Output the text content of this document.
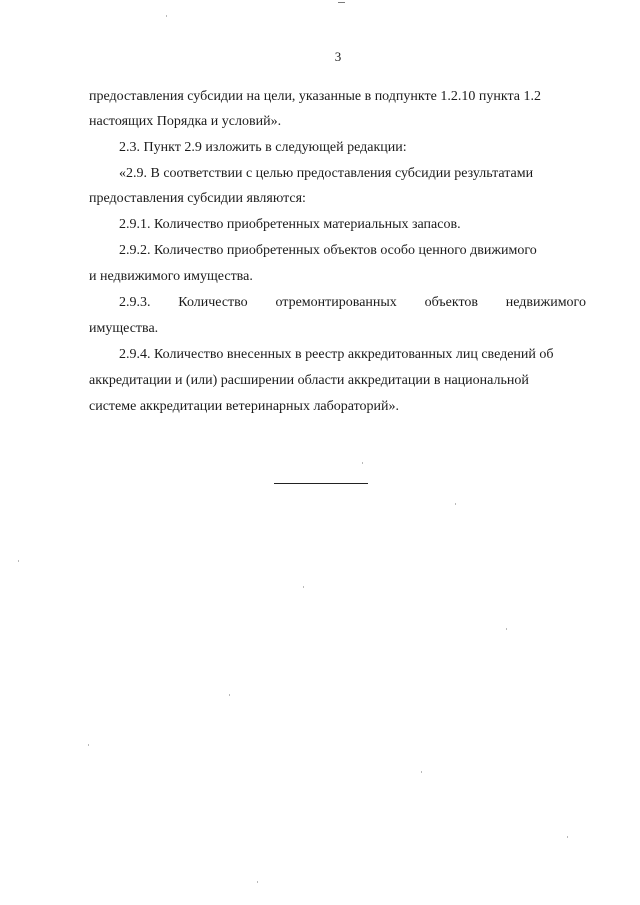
3
предоставления субсидии на цели, указанные в подпункте 1.2.10 пункта 1.2
настоящих Порядка и условий».
2.3. Пункт 2.9 изложить в следующей редакции:
«2.9. В соответствии с целью предоставления субсидии результатами
предоставления субсидии являются:
2.9.1. Количество приобретенных материальных запасов.
2.9.2. Количество приобретенных объектов особо ценного движимого
и недвижимого имущества.
2.9.3. Количество отремонтированных объектов недвижимого
имущества.
2.9.4. Количество внесенных в реестр аккредитованных лиц сведений об
аккредитации и (или) расширении области аккредитации в национальной
системе аккредитации ветеринарных лабораторий».
